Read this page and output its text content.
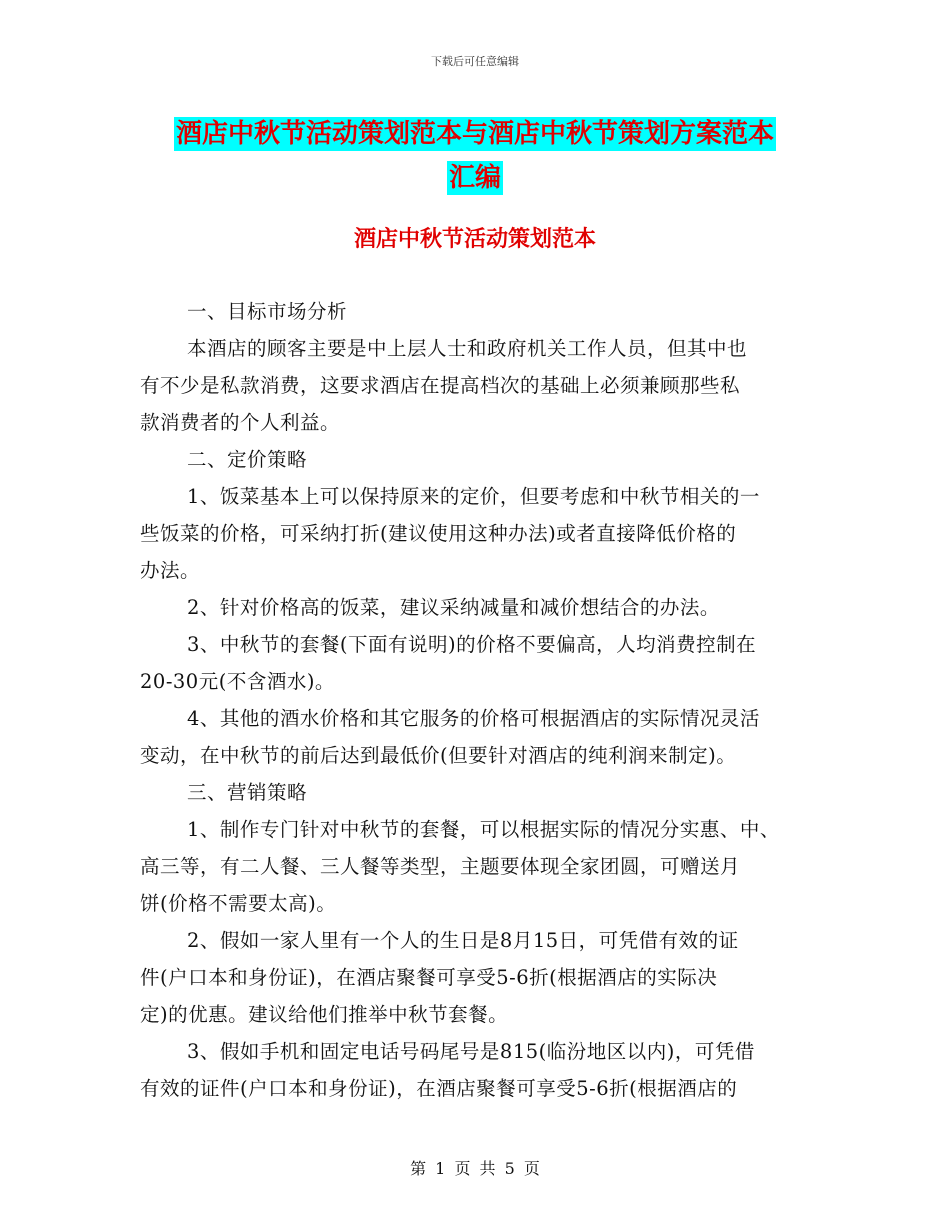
下载后可任意编辑
酒店中秋节活动策划范本与酒店中秋节策划方案范本
汇编
酒店中秋节活动策划范本
一、目标市场分析
本酒店的顾客主要是中上层人士和政府机关工作人员，但其中也
有不少是私款消费，这要求酒店在提高档次的基础上必须兼顾那些私
款消费者的个人利益。
二、定价策略
1、饭菜基本上可以保持原来的定价，但要考虑和中秋节相关的一
些饭菜的价格，可采纳打折(建议使用这种办法)或者直接降低价格的
办法。
2、针对价格高的饭菜，建议采纳减量和减价想结合的办法。
3、中秋节的套餐(下面有说明)的价格不要偏高，人均消费控制在
20-30元(不含酒水)。
4、其他的酒水价格和其它服务的价格可根据酒店的实际情况灵活
变动，在中秋节的前后达到最低价(但要针对酒店的纯利润来制定)。
三、营销策略
1、制作专门针对中秋节的套餐，可以根据实际的情况分实惠、中、
高三等，有二人餐、三人餐等类型，主题要体现全家团圆，可赠送月
饼(价格不需要太高)。
2、假如一家人里有一个人的生日是8月15日，可凭借有效的证
件(户口本和身份证)，在酒店聚餐可享受5-6折(根据酒店的实际决
定)的优惠。建议给他们推举中秋节套餐。
3、假如手机和固定电话号码尾号是815(临汾地区以内)，可凭借
有效的证件(户口本和身份证)，在酒店聚餐可享受5-6折(根据酒店的
第 1 页 共 5 页
